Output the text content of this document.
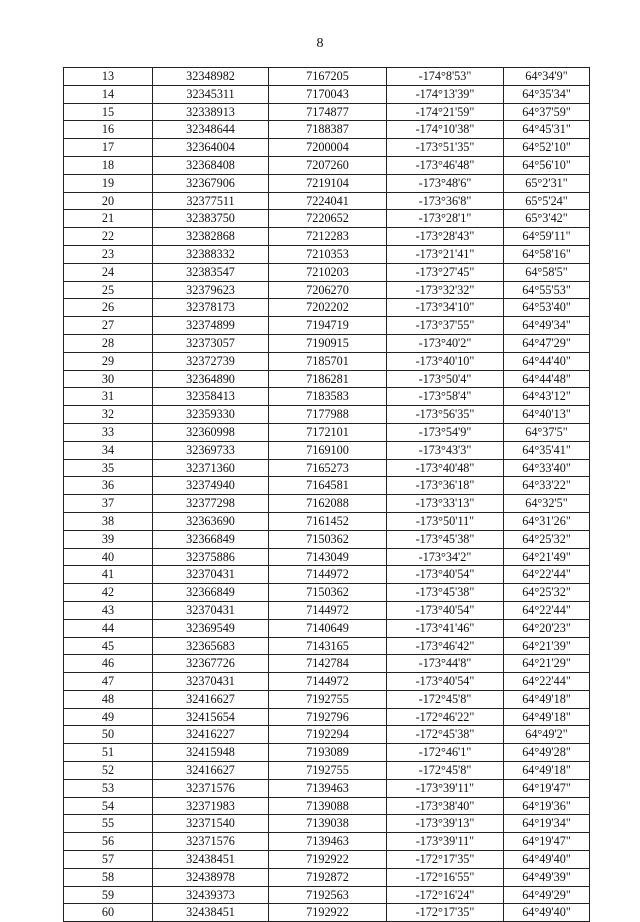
8
13	32348982	7167205	-174°8'53"	64°34'9"
14	32345311	7170043	-174°13'39"	64°35'34"
15	32338913	7174877	-174°21'59"	64°37'59"
16	32348644	7188387	-174°10'38"	64°45'31"
17	32364004	7200004	-173°51'35"	64°52'10"
18	32368408	7207260	-173°46'48"	64°56'10"
19	32367906	7219104	-173°48'6"	65°2'31"
20	32377511	7224041	-173°36'8"	65°5'24"
21	32383750	7220652	-173°28'1"	65°3'42"
22	32382868	7212283	-173°28'43"	64°59'11"
23	32388332	7210353	-173°21'41"	64°58'16"
24	32383547	7210203	-173°27'45"	64°58'5"
25	32379623	7206270	-173°32'32"	64°55'53"
26	32378173	7202202	-173°34'10"	64°53'40"
27	32374899	7194719	-173°37'55"	64°49'34"
28	32373057	7190915	-173°40'2"	64°47'29"
29	32372739	7185701	-173°40'10"	64°44'40"
30	32364890	7186281	-173°50'4"	64°44'48"
31	32358413	7183583	-173°58'4"	64°43'12"
32	32359330	7177988	-173°56'35"	64°40'13"
33	32360998	7172101	-173°54'9"	64°37'5"
34	32369733	7169100	-173°43'3"	64°35'41"
35	32371360	7165273	-173°40'48"	64°33'40"
36	32374940	7164581	-173°36'18"	64°33'22"
37	32377298	7162088	-173°33'13"	64°32'5"
38	32363690	7161452	-173°50'11"	64°31'26"
39	32366849	7150362	-173°45'38"	64°25'32"
40	32375886	7143049	-173°34'2"	64°21'49"
41	32370431	7144972	-173°40'54"	64°22'44"
42	32366849	7150362	-173°45'38"	64°25'32"
43	32370431	7144972	-173°40'54"	64°22'44"
44	32369549	7140649	-173°41'46"	64°20'23"
45	32365683	7143165	-173°46'42"	64°21'39"
46	32367726	7142784	-173°44'8"	64°21'29"
47	32370431	7144972	-173°40'54"	64°22'44"
48	32416627	7192755	-172°45'8"	64°49'18"
49	32415654	7192796	-172°46'22"	64°49'18"
50	32416227	7192294	-172°45'38"	64°49'2"
51	32415948	7193089	-172°46'1"	64°49'28"
52	32416627	7192755	-172°45'8"	64°49'18"
53	32371576	7139463	-173°39'11"	64°19'47"
54	32371983	7139088	-173°38'40"	64°19'36"
55	32371540	7139038	-173°39'13"	64°19'34"
56	32371576	7139463	-173°39'11"	64°19'47"
57	32438451	7192922	-172°17'35"	64°49'40"
58	32438978	7192872	-172°16'55"	64°49'39"
59	32439373	7192563	-172°16'24"	64°49'29"
60	32438451	7192922	-172°17'35"	64°49'40"
